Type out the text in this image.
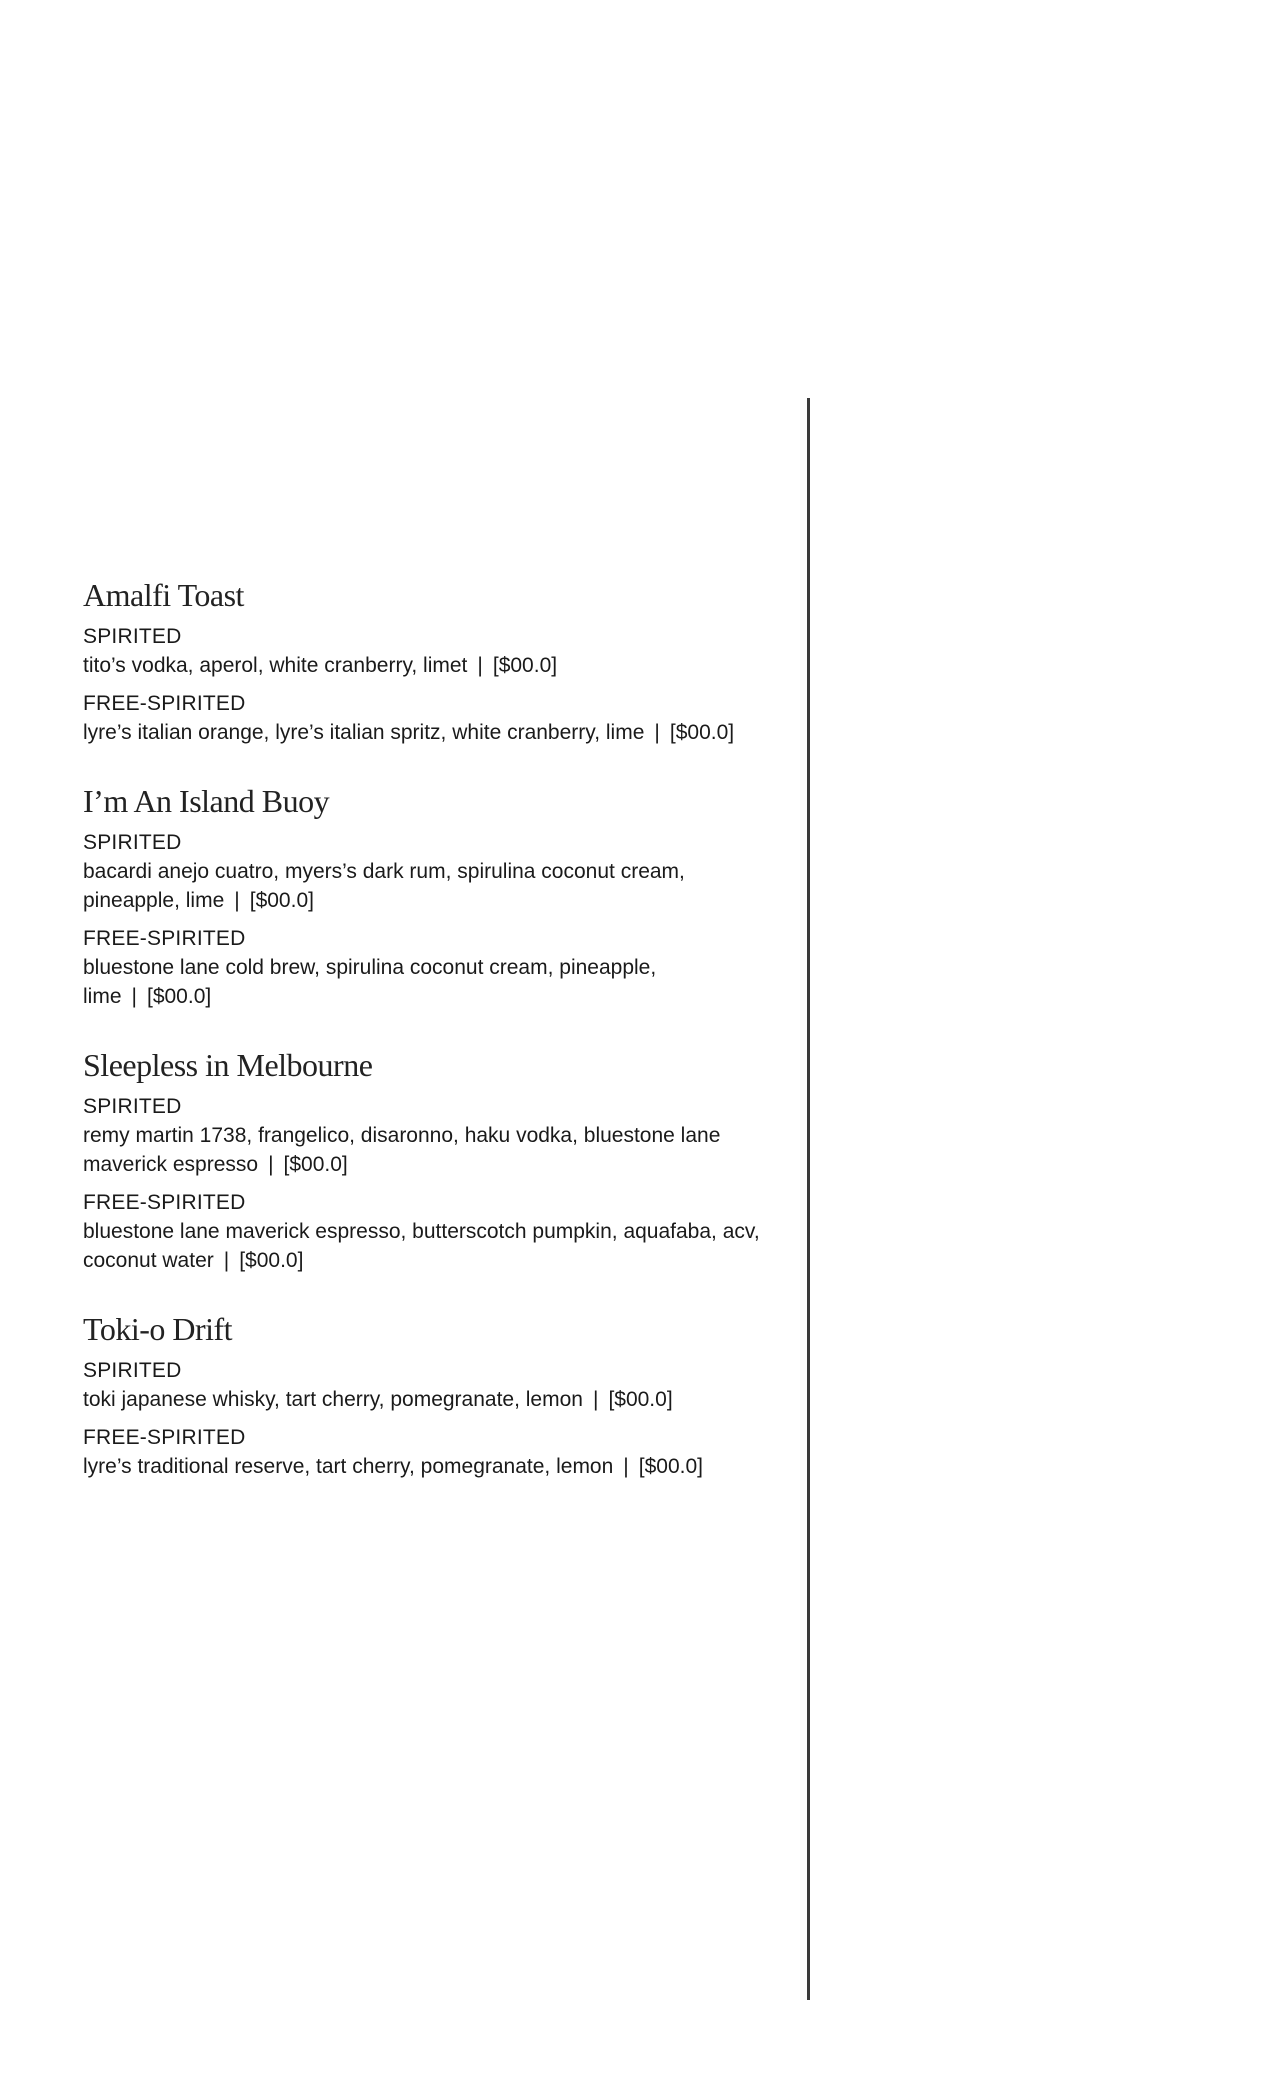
Amalfi Toast
SPIRITED
tito’s vodka, aperol, white cranberry, limet | [$00.0]
FREE-SPIRITED
lyre’s italian orange, lyre’s italian spritz, white cranberry, lime | [$00.0]
I’m An Island Buoy
SPIRITED
bacardi anejo cuatro, myers’s dark rum, spirulina coconut cream, pineapple, lime | [$00.0]
FREE-SPIRITED
bluestone lane cold brew, spirulina coconut cream, pineapple, lime | [$00.0]
Sleepless in Melbourne
SPIRITED
remy martin 1738, frangelico, disaronno, haku vodka, bluestone lane maverick espresso | [$00.0]
FREE-SPIRITED
bluestone lane maverick espresso, butterscotch pumpkin, aquafaba, acv, coconut water | [$00.0]
Toki-o Drift
SPIRITED
toki japanese whisky, tart cherry, pomegranate, lemon | [$00.0]
FREE-SPIRITED
lyre’s traditional reserve, tart cherry, pomegranate, lemon | [$00.0]
